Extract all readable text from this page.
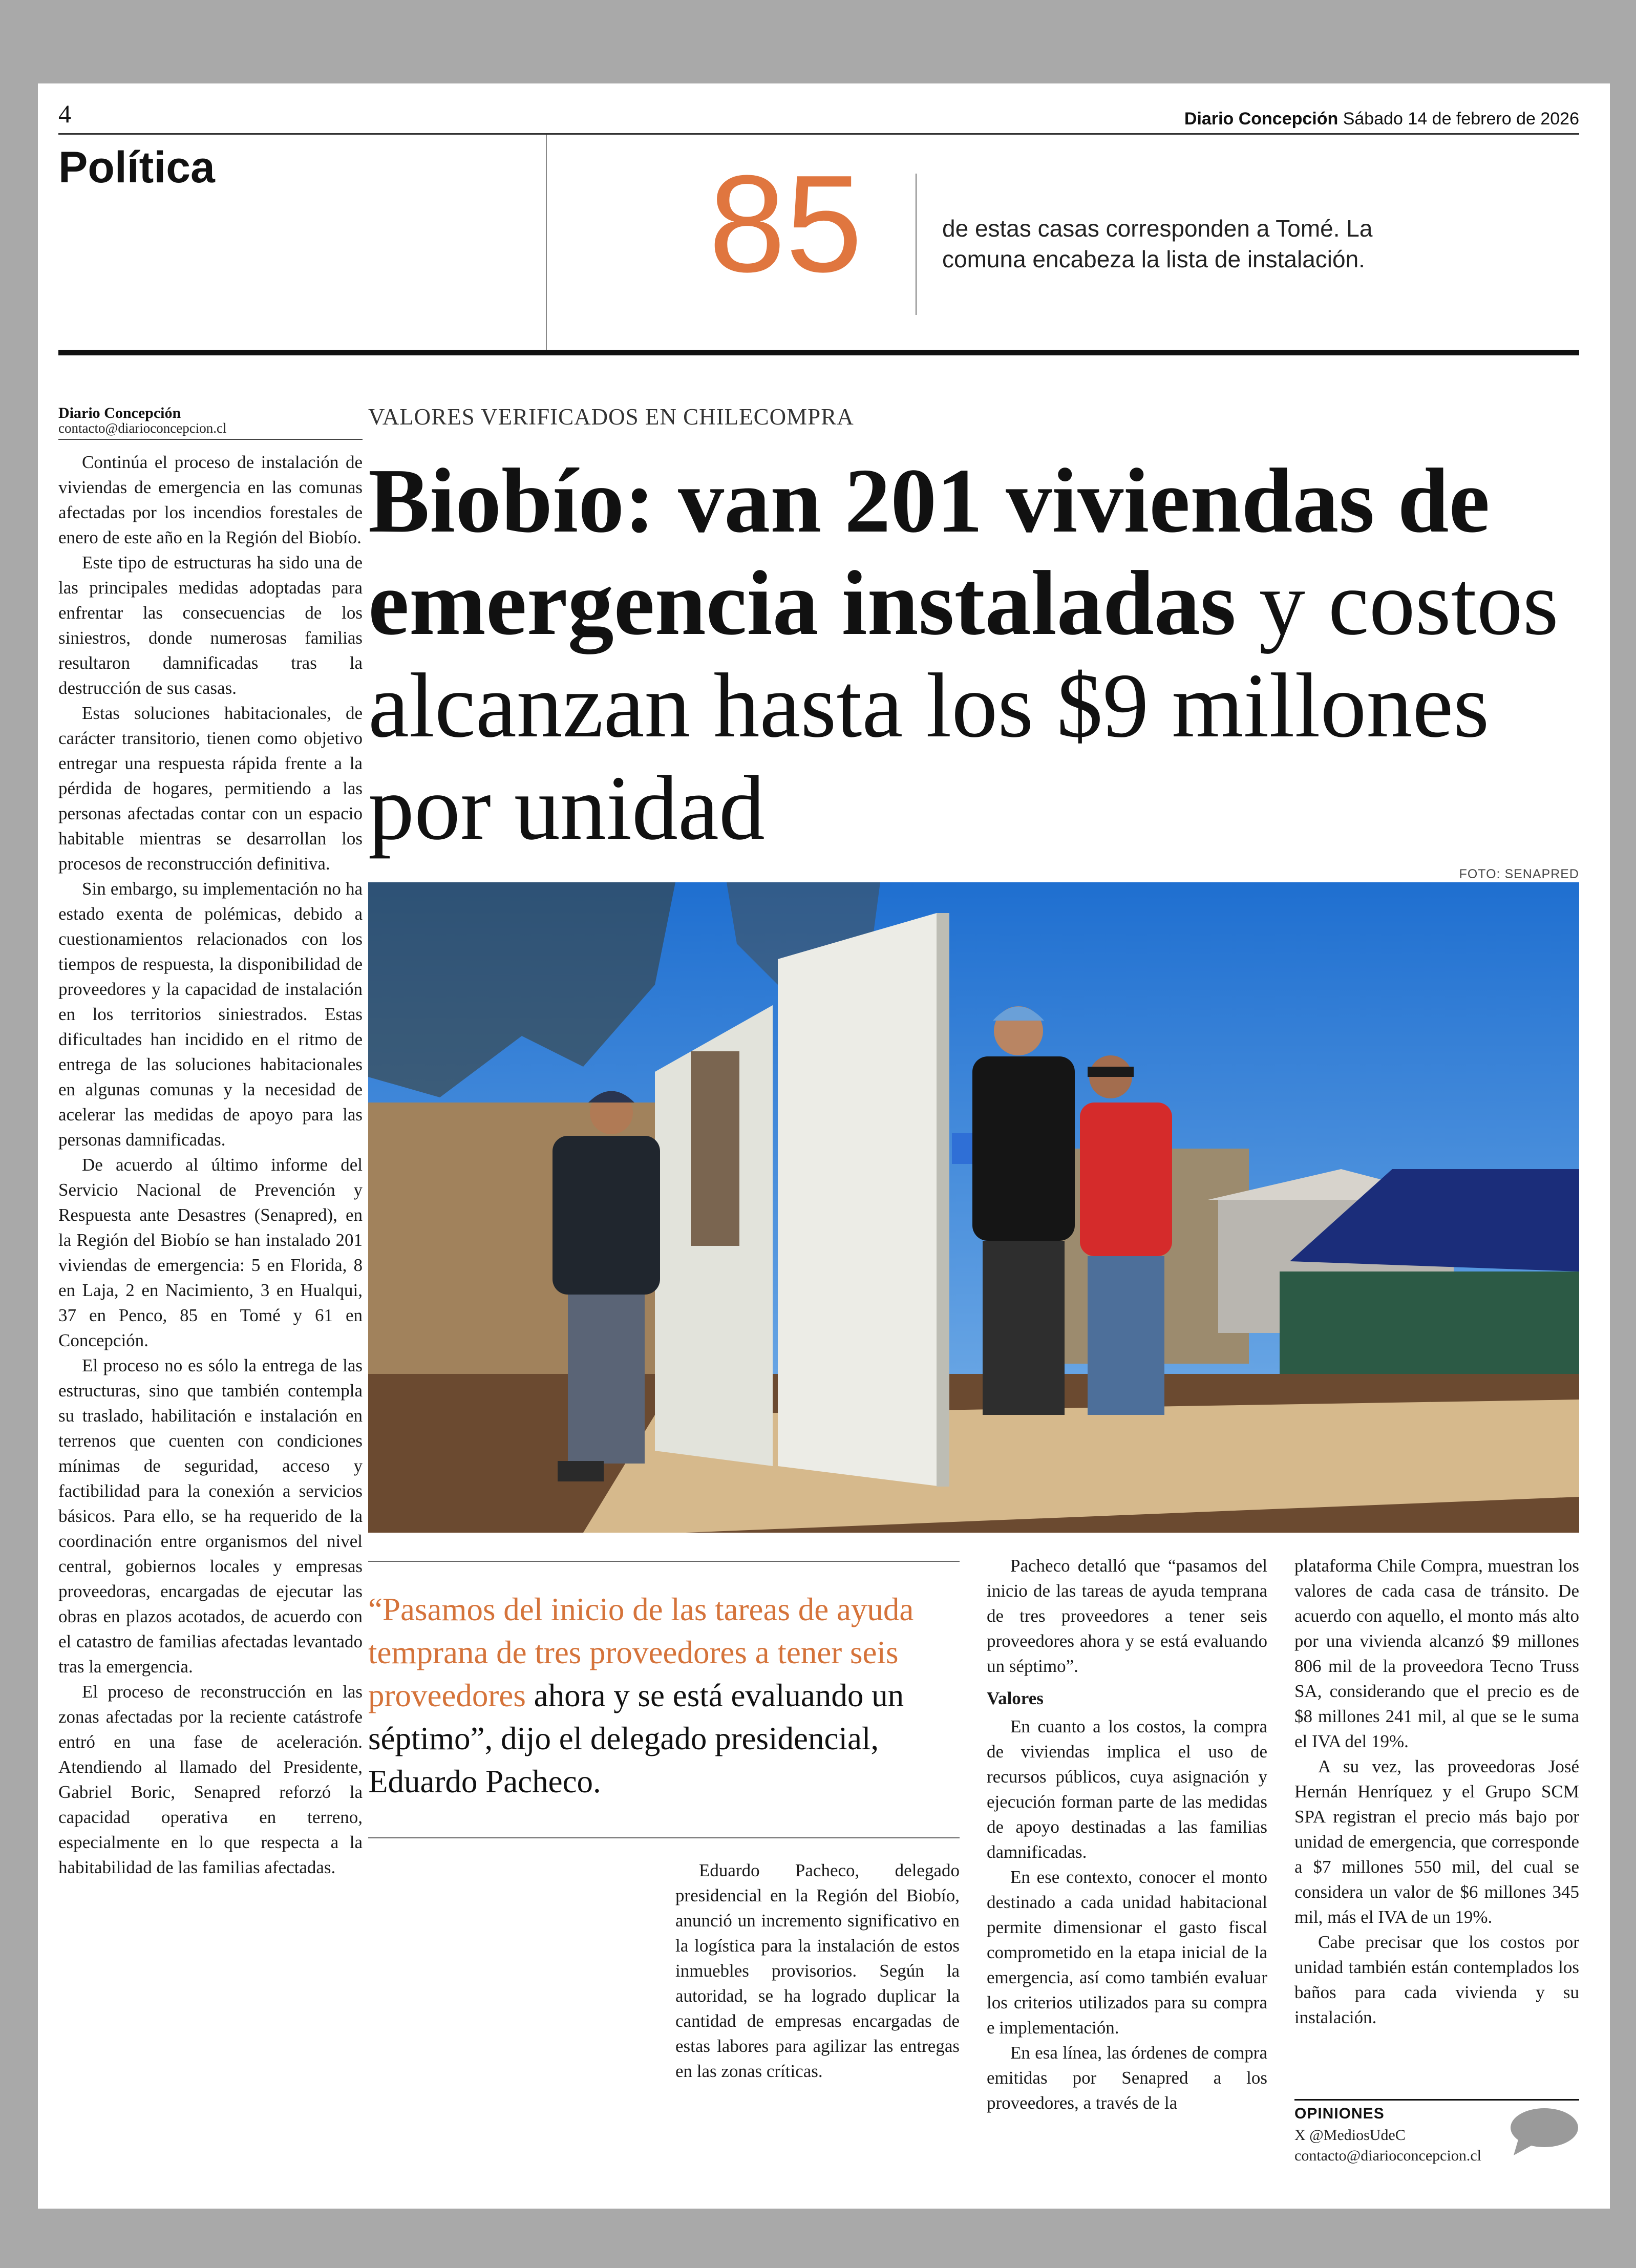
4	Diario Concepción Sábado 14 de febrero de 2026
Política	85	de estas casas corresponden a Tomé. La comuna encabeza la lista de instalación.
Diario Concepción
contacto@diarioconcepcion.cl

Continúa el proceso de instalación de viviendas de emergencia en las comunas afectadas por los incendios forestales de enero de este año en la Región del Biobío.

Este tipo de estructuras ha sido una de las principales medidas adoptadas para enfrentar las consecuencias de los siniestros, donde numerosas familias resultaron damnificadas tras la destrucción de sus casas.

Estas soluciones habitacionales, de carácter transitorio, tienen como objetivo entregar una respuesta rápida frente a la pérdida de hogares, permitiendo a las personas afectadas contar con un espacio habitable mientras se desarrollan los procesos de reconstrucción definitiva.

Sin embargo, su implementación no ha estado exenta de polémicas, debido a cuestionamientos relacionados con los tiempos de respuesta, la disponibilidad de proveedores y la capacidad de instalación en los territorios siniestrados. Estas dificultades han incidido en el ritmo de entrega de las soluciones habitacionales en algunas comunas y la necesidad de acelerar las medidas de apoyo para las personas damnificadas.

De acuerdo al último informe del Servicio Nacional de Prevención y Respuesta ante Desastres (Senapred), en la Región del Biobío se han instalado 201 viviendas de emergencia: 5 en Florida, 8 en Laja, 2 en Nacimiento, 3 en Hualqui, 37 en Penco, 85 en Tomé y 61 en Concepción.

El proceso no es sólo la entrega de las estructuras, sino que también contempla su traslado, habilitación e instalación en terrenos que cuenten con condiciones mínimas de seguridad, acceso y factibilidad para la conexión a servicios básicos. Para ello, se ha requerido de la coordinación entre organismos del nivel central, gobiernos locales y empresas proveedoras, encargadas de ejecutar las obras en plazos acotados, de acuerdo con el catastro de familias afectadas levantado tras la emergencia.

El proceso de reconstrucción en las zonas afectadas por la reciente catástrofe entró en una fase de aceleración. Atendiendo al llamado del Presidente, Gabriel Boric, Senapred reforzó la capacidad operativa en terreno, especialmente en lo que respecta a la habitabilidad de las familias afectadas.

VALORES VERIFICADOS EN CHILECOMPRA
Biobío: van 201 viviendas de emergencia instaladas y costos alcanzan hasta los $9 millones por unidad
FOTO: SENAPRED
“Pasamos del inicio de las tareas de ayuda temprana de tres proveedores a tener seis proveedores ahora y se está evaluando un séptimo”, dijo el delegado presidencial, Eduardo Pacheco.

Eduardo Pacheco, delegado presidencial en la Región del Biobío, anunció un incremento significativo en la logística para la instalación de estos inmuebles provisorios. Según la autoridad, se ha logrado duplicar la cantidad de empresas encargadas de estas labores para agilizar las entregas en las zonas críticas.

Pacheco detalló que “pasamos del inicio de las tareas de ayuda temprana de tres proveedores a tener seis proveedores ahora y se está evaluando un séptimo”.

Valores

En cuanto a los costos, la compra de viviendas implica el uso de recursos públicos, cuya asignación y ejecución forman parte de las medidas de apoyo destinadas a las familias damnificadas.

En ese contexto, conocer el monto destinado a cada unidad habitacional permite dimensionar el gasto fiscal comprometido en la etapa inicial de la emergencia, así como también evaluar los criterios utilizados para su compra e implementación.

En esa línea, las órdenes de compra emitidas por Senapred a los proveedores, a través de la

plataforma Chile Compra, muestran los valores de cada casa de tránsito. De acuerdo con aquello, el monto más alto por una vivienda alcanzó $9 millones 806 mil de la proveedora Tecno Truss SA, considerando que el precio es de $8 millones 241 mil, al que se le suma el IVA del 19%.

A su vez, las proveedoras José Hernán Henríquez y el Grupo SCM SPA registran el precio más bajo por unidad de emergencia, que corresponde a $7 millones 550 mil, del cual se considera un valor de $6 millones 345 mil, más el IVA de un 19%.

Cabe precisar que los costos por unidad también están contemplados los baños para cada vivienda y su instalación.

OPINIONES
X @MediosUdeC
contacto@diarioconcepcion.cl
